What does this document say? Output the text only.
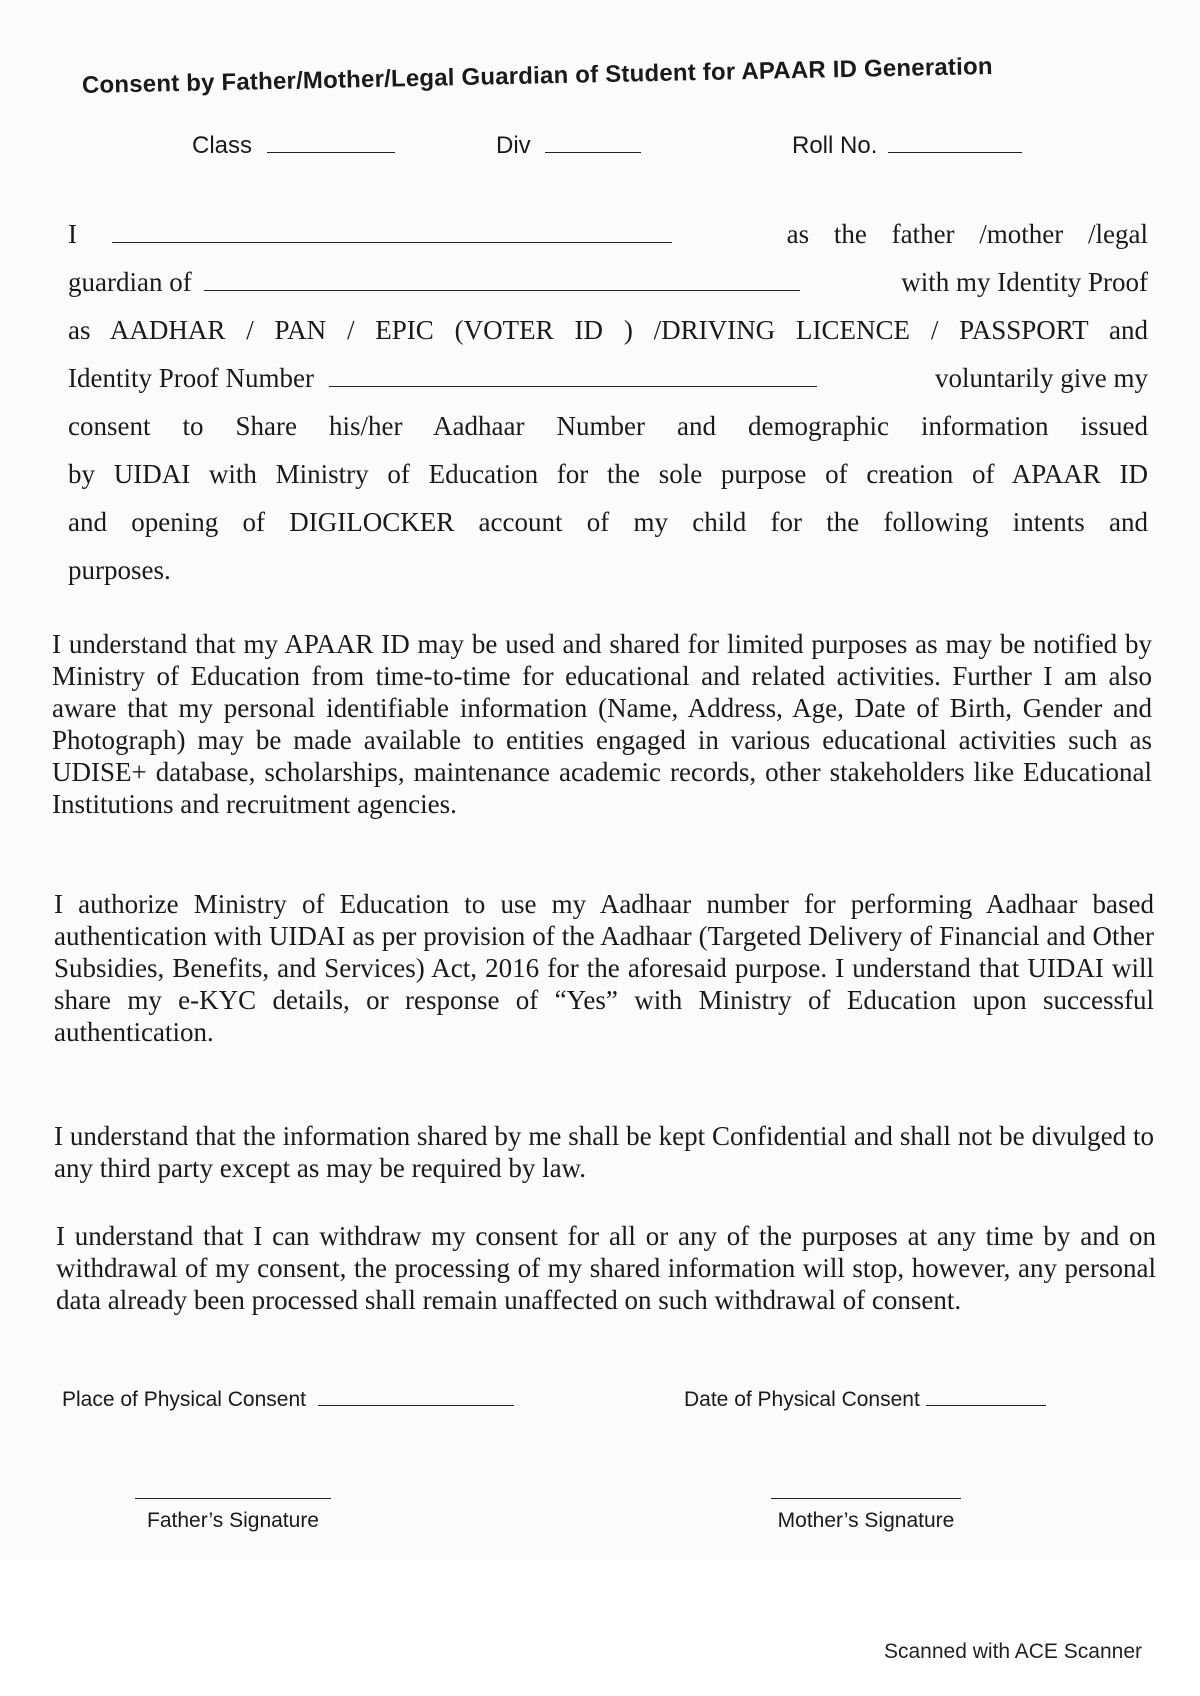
Consent by Father/Mother/Legal Guardian of Student for APAAR ID Generation
Class	Div	Roll No.
I	as the father /mother /legal
guardian of	with my Identity Proof
as AADHAR / PAN / EPIC (VOTER ID ) /DRIVING LICENCE / PASSPORT and
Identity Proof Number	voluntarily give my
consent to Share his/her Aadhaar Number and demographic information issued
by UIDAI with Ministry of Education for the sole purpose of creation of APAAR ID
and opening of DIGILOCKER account of my child for the following intents and
purposes.
I understand that my APAAR ID may be used and shared for limited purposes as may be notified by Ministry of Education from time-to-time for educational and related activities. Further I am also aware that my personal identifiable information (Name, Address, Age, Date of Birth, Gender and Photograph) may be made available to entities engaged in various educational activities such as UDISE+ database, scholarships, maintenance academic records, other stakeholders like Educational Institutions and recruitment agencies.
I authorize Ministry of Education to use my Aadhaar number for performing Aadhaar based authentication with UIDAI as per provision of the Aadhaar (Targeted Delivery of Financial and Other Subsidies, Benefits, and Services) Act, 2016 for the aforesaid purpose. I understand that UIDAI will share my e-KYC details, or response of “Yes” with Ministry of Education upon successful authentication.
I understand that the information shared by me shall be kept Confidential and shall not be divulged to any third party except as may be required by law.
I understand that I can withdraw my consent for all or any of the purposes at any time by and on withdrawal of my consent, the processing of my shared information will stop, however, any personal data already been processed shall remain unaffected on such withdrawal of consent.
Place of Physical Consent	Date of Physical Consent
Father’s Signature	Mother’s Signature
Scanned with ACE Scanner
